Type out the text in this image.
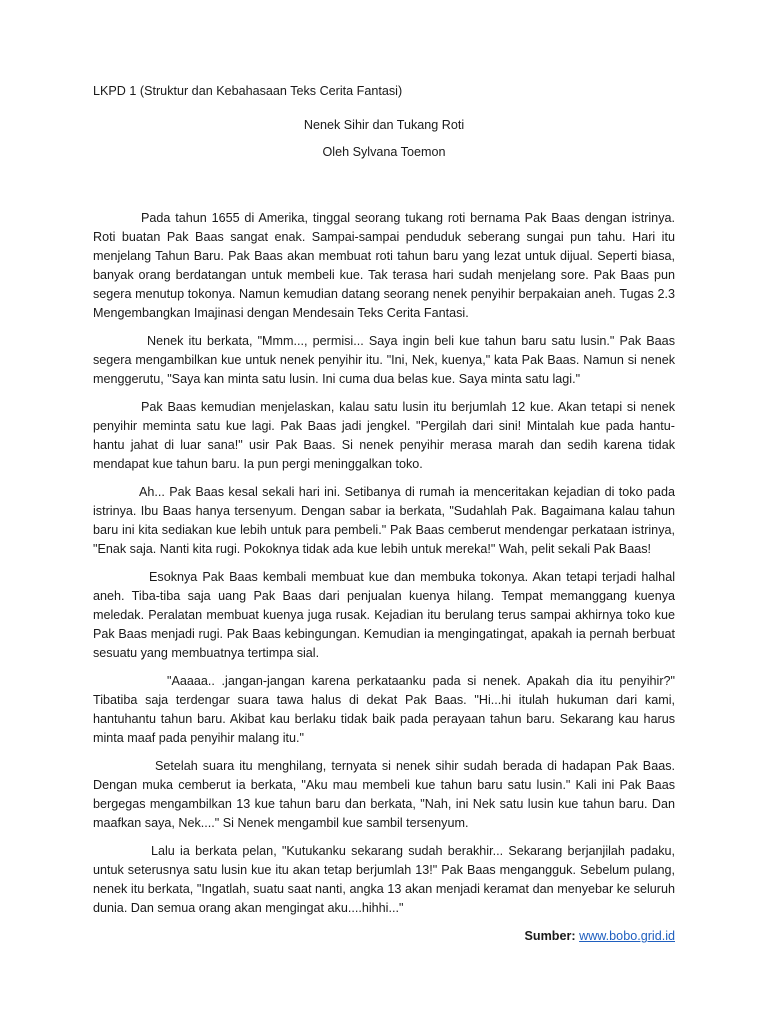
LKPD 1 (Struktur dan Kebahasaan Teks Cerita Fantasi)

Nenek Sihir dan Tukang Roti

Oleh Sylvana Toemon

Pada tahun 1655 di Amerika, tinggal seorang tukang roti bernama Pak Baas dengan istrinya. Roti buatan Pak Baas sangat enak. Sampai-sampai penduduk seberang sungai pun tahu. Hari itu menjelang Tahun Baru. Pak Baas akan membuat roti tahun baru yang lezat untuk dijual. Seperti biasa, banyak orang berdatangan untuk membeli kue. Tak terasa hari sudah menjelang sore. Pak Baas pun segera menutup tokonya. Namun kemudian datang seorang nenek penyihir berpakaian aneh. Tugas 2.3 Mengembangkan Imajinasi dengan Mendesain Teks Cerita Fantasi.

Nenek itu berkata, "Mmm..., permisi... Saya ingin beli kue tahun baru satu lusin." Pak Baas segera mengambilkan kue untuk nenek penyihir itu. "Ini, Nek, kuenya," kata Pak Baas. Namun si nenek menggerutu, "Saya kan minta satu lusin. Ini cuma dua belas kue. Saya minta satu lagi."

Pak Baas kemudian menjelaskan, kalau satu lusin itu berjumlah 12 kue. Akan tetapi si nenek penyihir meminta satu kue lagi. Pak Baas jadi jengkel. "Pergilah dari sini! Mintalah kue pada hantu-hantu jahat di luar sana!" usir Pak Baas. Si nenek penyihir merasa marah dan sedih karena tidak mendapat kue tahun baru. Ia pun pergi meninggalkan toko.

Ah... Pak Baas kesal sekali hari ini. Setibanya di rumah ia menceritakan kejadian di toko pada istrinya. Ibu Baas hanya tersenyum. Dengan sabar ia berkata, "Sudahlah Pak. Bagaimana kalau tahun baru ini kita sediakan kue lebih untuk para pembeli." Pak Baas cemberut mendengar perkataan istrinya, "Enak saja. Nanti kita rugi. Pokoknya tidak ada kue lebih untuk mereka!" Wah, pelit sekali Pak Baas!

Esoknya Pak Baas kembali membuat kue dan membuka tokonya. Akan tetapi terjadi halhal aneh. Tiba-tiba saja uang Pak Baas dari penjualan kuenya hilang. Tempat memanggang kuenya meledak. Peralatan membuat kuenya juga rusak. Kejadian itu berulang terus sampai akhirnya toko kue Pak Baas menjadi rugi. Pak Baas kebingungan. Kemudian ia mengingatingat, apakah ia pernah berbuat sesuatu yang membuatnya tertimpa sial.

"Aaaaa.. .jangan-jangan karena perkataanku pada si nenek. Apakah dia itu penyihir?" Tibatiba saja terdengar suara tawa halus di dekat Pak Baas. "Hi...hi itulah hukuman dari kami, hantuhantu tahun baru. Akibat kau berlaku tidak baik pada perayaan tahun baru. Sekarang kau harus minta maaf pada penyihir malang itu."

Setelah suara itu menghilang, ternyata si nenek sihir sudah berada di hadapan Pak Baas. Dengan muka cemberut ia berkata, "Aku mau membeli kue tahun baru satu lusin." Kali ini Pak Baas bergegas mengambilkan 13 kue tahun baru dan berkata, "Nah, ini Nek satu lusin kue tahun baru. Dan maafkan saya, Nek...." Si Nenek mengambil kue sambil tersenyum.

Lalu ia berkata pelan, "Kutukanku sekarang sudah berakhir... Sekarang berjanjilah padaku, untuk seterusnya satu lusin kue itu akan tetap berjumlah 13!" Pak Baas mengangguk. Sebelum pulang, nenek itu berkata, "Ingatlah, suatu saat nanti, angka 13 akan menjadi keramat dan menyebar ke seluruh dunia. Dan semua orang akan mengingat aku....hihhi..."

Sumber: www.bobo.grid.id
